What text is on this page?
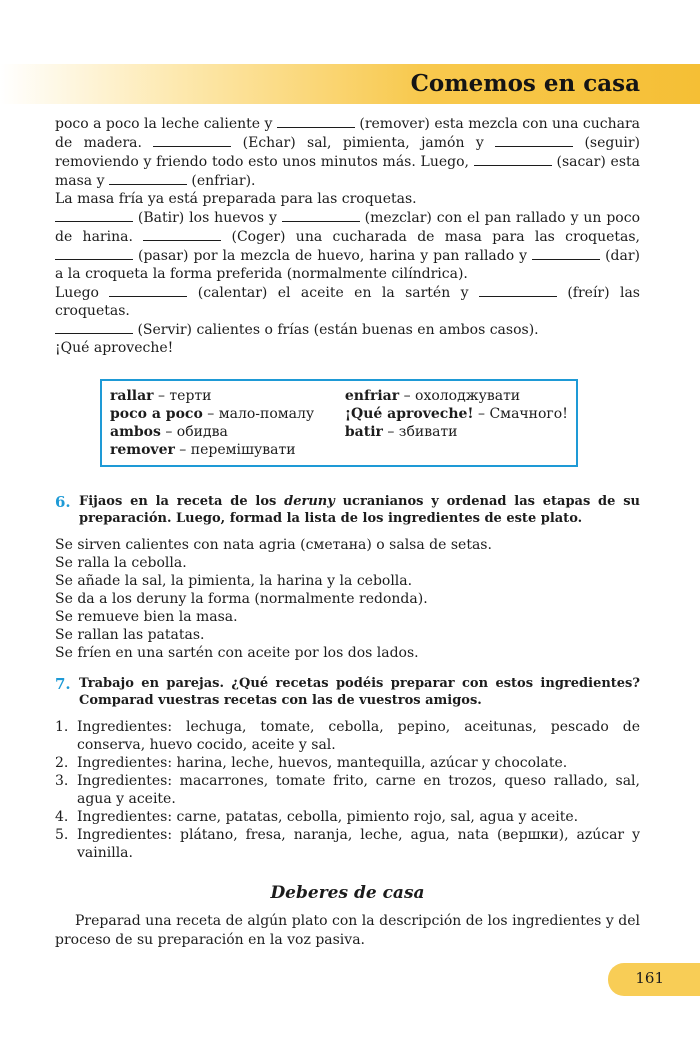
Comemos en casa

poco a poco la leche caliente y	(remover) esta mezcla con una cuchara de madera.	(Echar) sal, pimienta, jamón y	(seguir) removiendo y friendo todo esto unos minutos más. Luego,	(sacar) esta masa y	(enfriar).

La masa fría ya está preparada para las croquetas.

(Batir) los huevos y	(mezclar) con el pan rallado y un poco de harina.	(Coger) una cucharada de masa para las croquetas,  (pasar) por la mezcla de huevo, harina y pan rallado y	(dar) a la croqueta la forma preferida (normalmente cilíndrica).

Luego	(calentar) el aceite en la sartén y	(freír) las croquetas.

(Servir) calientes o frías (están buenas en ambos casos).

¡Qué aproveche!

rallar – терти
poco a poco – мало-помалу
ambos – обидва
remover – перемішувати
enfriar – охолоджувати
¡Qué aproveche! – Смачного!
batir – збивати
6. Fijaos en la receta de los deruny ucranianos y ordenad las etapas de su preparación. Luego, formad la lista de los ingredientes de este plato.
Se sirven calientes con nata agria (сметана) o salsa de setas.
Se ralla la cebolla.
Se añade la sal, la pimienta, la harina y la cebolla.
Se da a los deruny la forma (normalmente redonda).
Se remueve bien la masa.
Se rallan las patatas.
Se fríen en una sartén con aceite por los dos lados.
7. Trabajo en parejas. ¿Qué recetas podéis preparar con estos ingredientes? Comparad vuestras recetas con las de vuestros amigos.
1. Ingredientes: lechuga, tomate, cebolla, pepino, aceitunas, pescado de conserva, huevo cocido, aceite y sal.
2. Ingredientes: harina, leche, huevos, mantequilla, azúcar y chocolate.
3. Ingredientes: macarrones, tomate frito, carne en trozos, queso rallado, sal, agua y aceite.
4. Ingredientes: carne, patatas, cebolla, pimiento rojo, sal, agua y aceite.
5. Ingredientes: plátano, fresa, naranja, leche, agua, nata (вершки), azúcar y vainilla.
Deberes de casa

Preparad una receta de algún plato con la descripción de los ingredientes y del proceso de su preparación en la voz pasiva.

161
